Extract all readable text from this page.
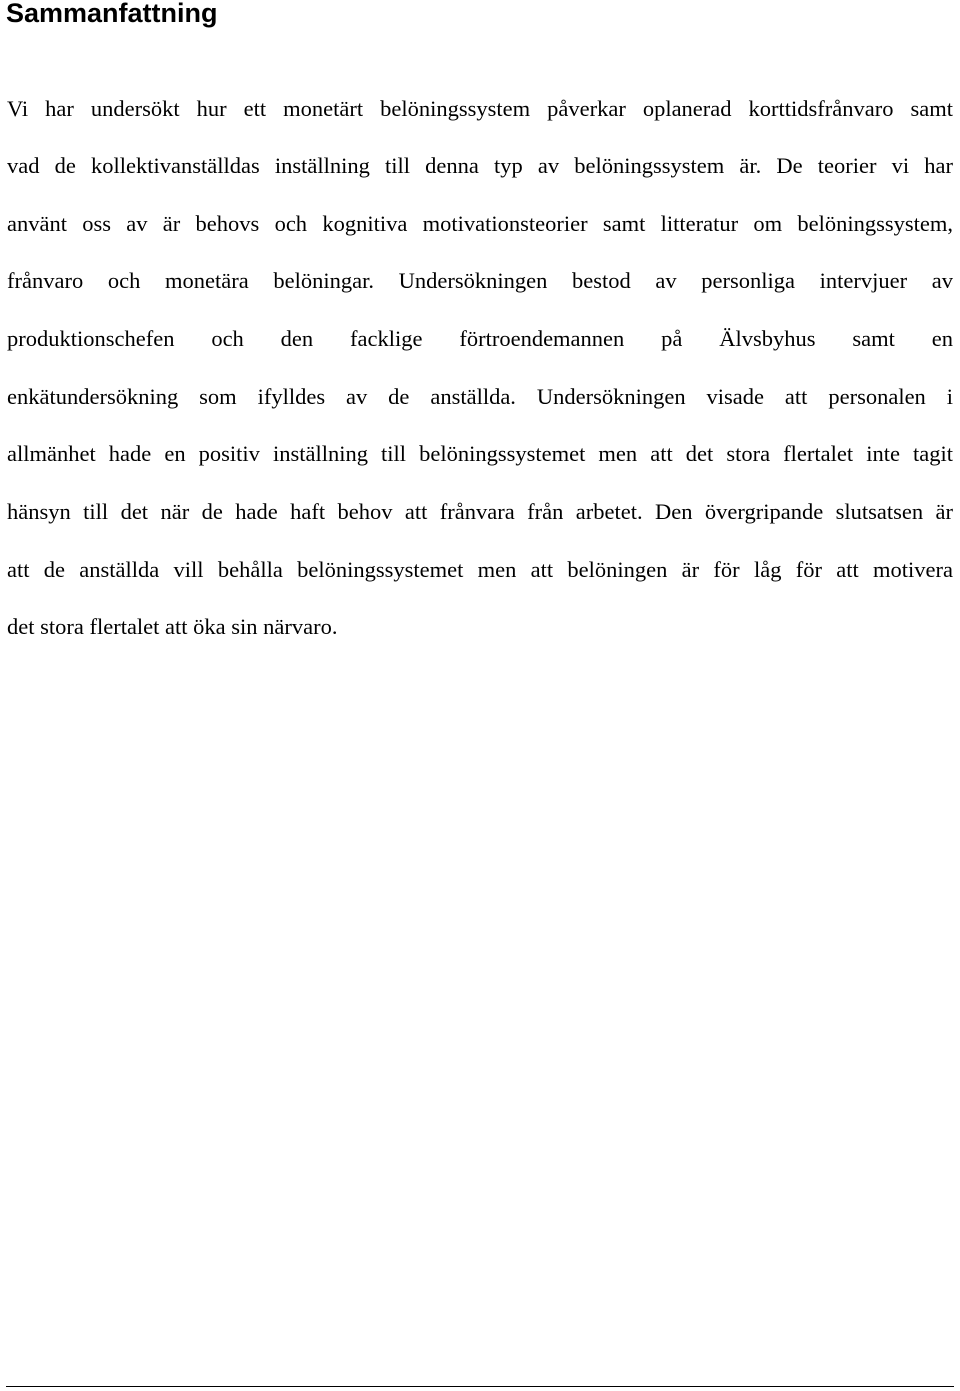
Sammanfattning

Vi har undersökt hur ett monetärt belöningssystem påverkar oplanerad korttidsfrånvaro samt

vad de kollektivanställdas inställning till denna typ av belöningssystem är. De teorier vi har

använt oss av är behovs och kognitiva motivationsteorier samt litteratur om belöningssystem,

frånvaro och monetära belöningar. Undersökningen bestod av personliga intervjuer av

produktionschefen och den facklige förtroendemannen på Älvsbyhus samt en

enkätundersökning som ifylldes av de anställda. Undersökningen visade att personalen i

allmänhet hade en positiv inställning till belöningssystemet men att det stora flertalet inte tagit

hänsyn till det när de hade haft behov att frånvara från arbetet. Den övergripande slutsatsen är

att de anställda vill behålla belöningssystemet men att belöningen är för låg för att motivera

det stora flertalet att öka sin närvaro.
